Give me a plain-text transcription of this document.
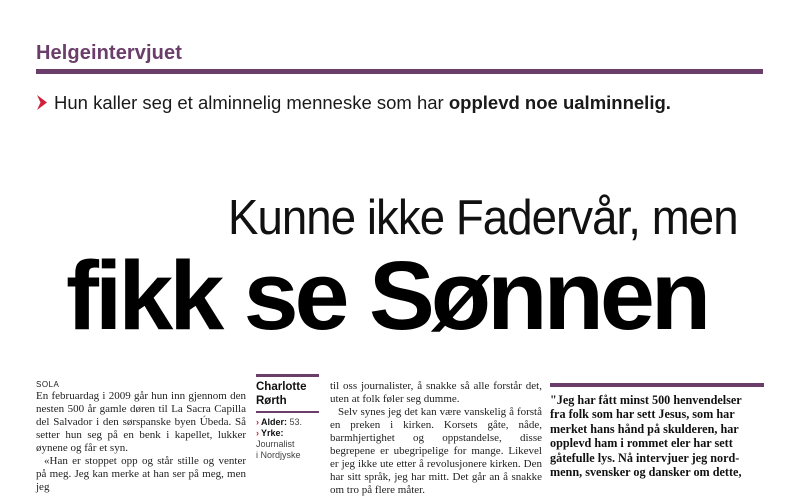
Helgeintervjuet
Hun kaller seg et alminnelig menneske som har opplevd noe ualminnelig.
Kunne ikke Fadervår, men
fikk se Sønnen
SOLA

En februardag i 2009 går hun inn gjennom den nesten 500 år gamle døren til La Sacra Capilla del Salvador i den sørspanske byen Úbeda. Så setter hun seg på en benk i kapellet, lukker øynene og får et syn.

«Han er stoppet opp og står stille og venter på meg. Jeg kan merke at han ser på meg, men jeg

Charlotte
Rørth
› Alder: 53.
› Yrke:
Journalist
i Nordjyske

til oss journalister, å snakke så alle forstår det, uten at folk føler seg dumme.

Selv synes jeg det kan være vanskelig å forstå en preken i kirken. Korsets gåte, nåde, barmhjertighet og oppstandelse, disse begrepene er ubegripelige for mange. Likevel er jeg ikke ute etter å revolusjonere kirken. Den har sitt språk, jeg har mitt. Det går an å snakke om tro på flere måter.

"Jeg har fått minst 500 henvendelser
fra folk som har sett Jesus, som har
merket hans hånd på skulderen, har
opplevd ham i rommet eler har sett
gåtefulle lys. Nå intervjuer jeg nord-
menn, svensker og dansker om dette,
